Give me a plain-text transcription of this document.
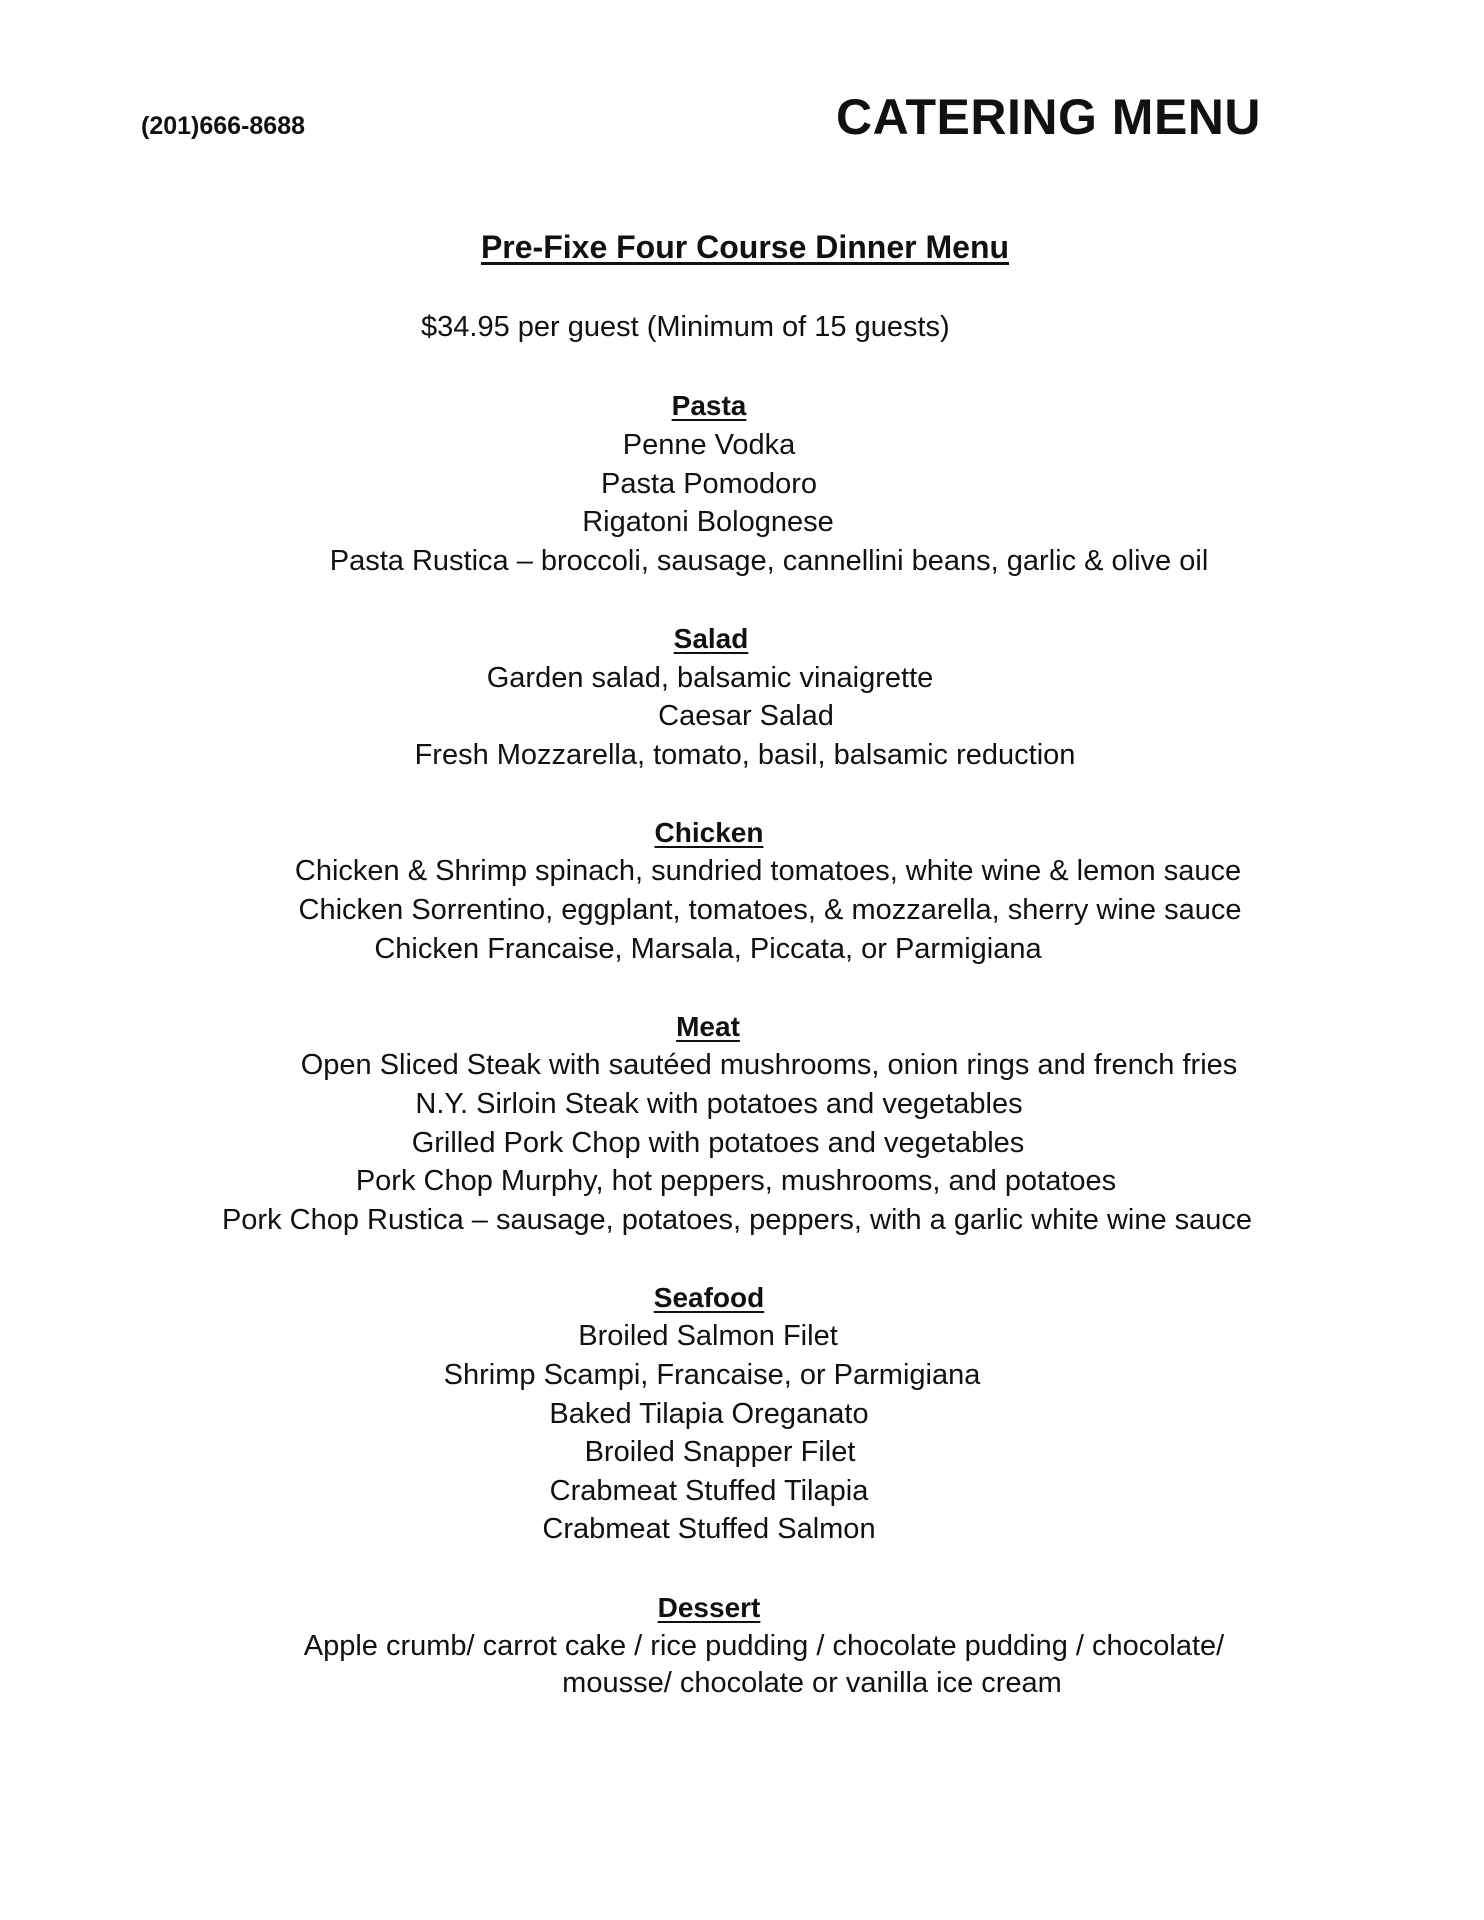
(201)666-8688	CATERING MENU
Pre-Fixe Four Course Dinner Menu
$34.95 per guest (Minimum of 15 guests)
Pasta
Penne Vodka
Pasta Pomodoro
Rigatoni Bolognese
Pasta Rustica – broccoli, sausage, cannellini beans, garlic & olive oil
Salad
Garden salad, balsamic vinaigrette
Caesar Salad
Fresh Mozzarella, tomato, basil, balsamic reduction
Chicken
Chicken & Shrimp spinach, sundried tomatoes, white wine & lemon sauce
Chicken Sorrentino, eggplant, tomatoes, & mozzarella, sherry wine sauce
Chicken Francaise, Marsala, Piccata, or Parmigiana
Meat
Open Sliced Steak with sautéed mushrooms, onion rings and french fries
N.Y. Sirloin Steak with potatoes and vegetables
Grilled Pork Chop with potatoes and vegetables
Pork Chop Murphy, hot peppers, mushrooms, and potatoes
Pork Chop Rustica – sausage, potatoes, peppers, with a garlic white wine sauce
Seafood
Broiled Salmon Filet
Shrimp Scampi, Francaise, or Parmigiana
Baked Tilapia Oreganato
Broiled Snapper Filet
Crabmeat Stuffed Tilapia
Crabmeat Stuffed Salmon
Dessert
Apple crumb/ carrot cake / rice pudding / chocolate pudding / chocolate/
mousse/ chocolate or vanilla ice cream
